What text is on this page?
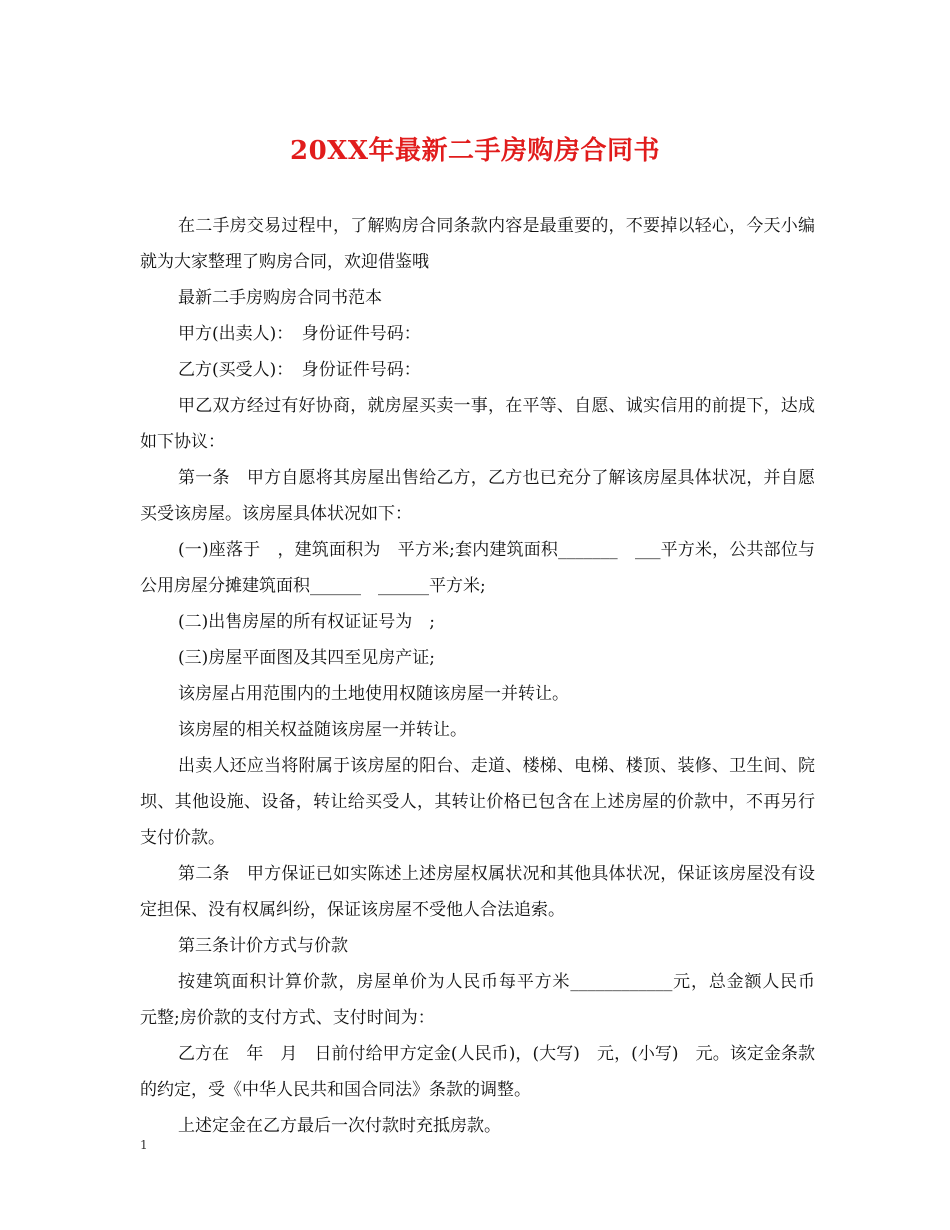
20XX年最新二手房购房合同书

在二手房交易过程中，了解购房合同条款内容是最重要的，不要掉以轻心，今天小编就为大家整理了购房合同，欢迎借鉴哦

最新二手房购房合同书范本

甲方(出卖人)：　身份证件号码：

乙方(买受人)：　身份证件号码：

甲乙双方经过有好协商，就房屋买卖一事，在平等、自愿、诚实信用的前提下，达成如下协议：

第一条　甲方自愿将其房屋出售给乙方，乙方也已充分了解该房屋具体状况，并自愿买受该房屋。该房屋具体状况如下：

(一)座落于　，建筑面积为　平方米;套内建筑面积_______　___平方米，公共部位与公用房屋分摊建筑面积______　______平方米;

(二)出售房屋的所有权证证号为　;

(三)房屋平面图及其四至见房产证;

该房屋占用范围内的土地使用权随该房屋一并转让。

该房屋的相关权益随该房屋一并转让。

出卖人还应当将附属于该房屋的阳台、走道、楼梯、电梯、楼顶、装修、卫生间、院坝、其他设施、设备，转让给买受人，其转让价格已包含在上述房屋的价款中，不再另行支付价款。

第二条　甲方保证已如实陈述上述房屋权属状况和其他具体状况，保证该房屋没有设定担保、没有权属纠纷，保证该房屋不受他人合法追索。

第三条计价方式与价款

按建筑面积计算价款，房屋单价为人民币每平方米____________元，总金额人民币　元整;房价款的支付方式、支付时间为：

乙方在　年　月　日前付给甲方定金(人民币)，(大写)　元，(小写)　元。该定金条款的约定，受《中华人民共和国合同法》条款的调整。

上述定金在乙方最后一次付款时充抵房款。

1
